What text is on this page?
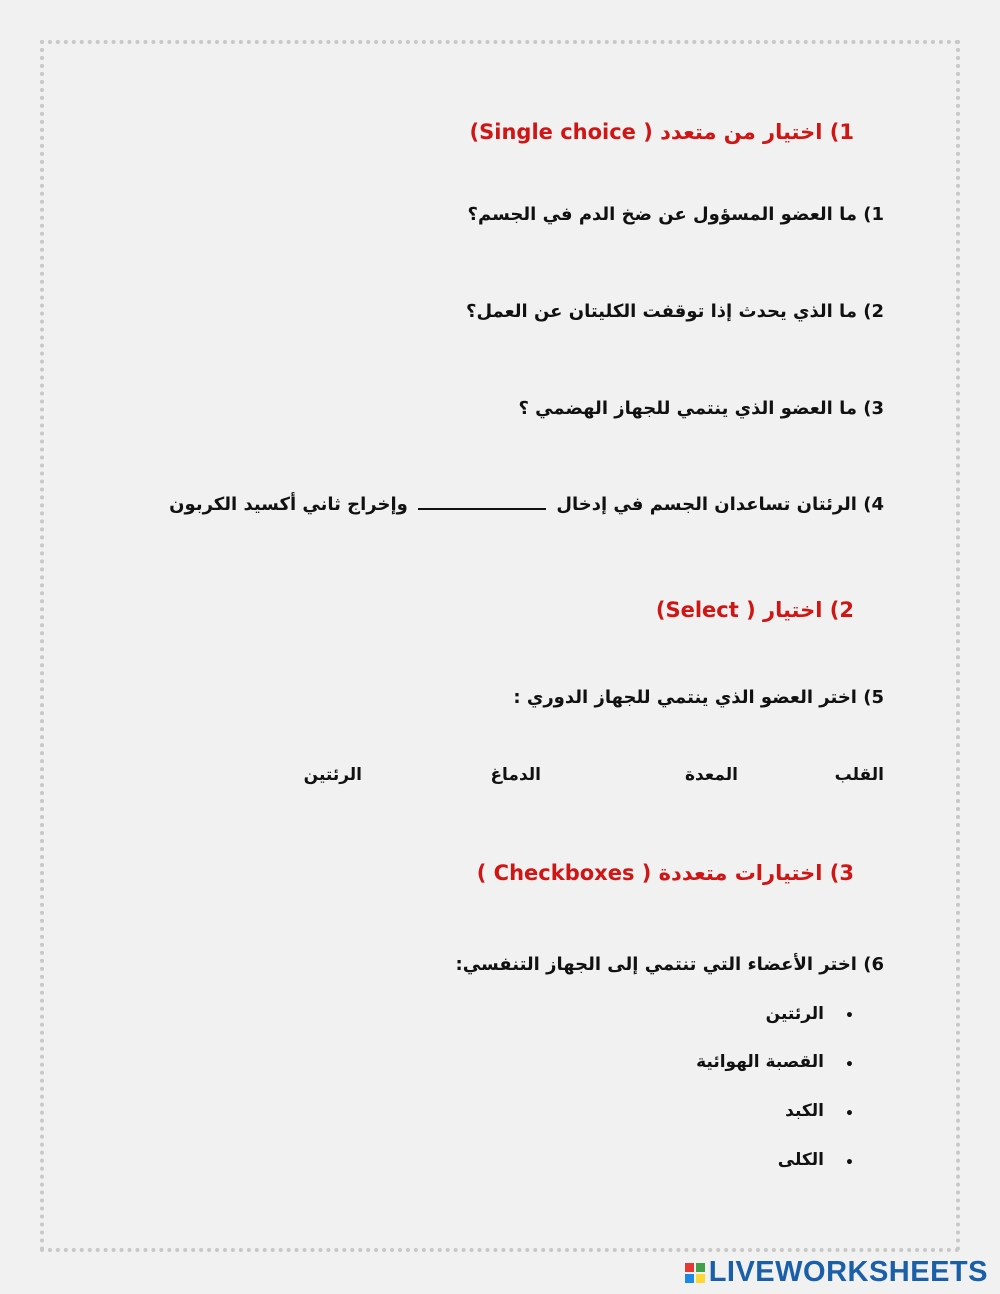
1) اختيار من متعدد ( Single choice)
1) ما العضو المسؤول عن ضخ الدم في الجسم؟
2) ما الذي يحدث إذا توقفت الكليتان عن العمل؟
3) ما العضو الذي ينتمي للجهاز الهضمي ؟
4) الرئتان تساعدان الجسم في إدخال  وإخراج ثاني أكسيد الكربون
2) اختيار ( Select)
5) اختر العضو الذي ينتمي للجهاز الدوري :
القلب
المعدة
الدماغ
الرئتين
3) اختيارات متعددة ( Checkboxes )
6) اختر الأعضاء التي تنتمي إلى الجهاز التنفسي:
•
الرئتين
•
القصبة الهوائية
•
الكبد
•
الكلى
LIVEWORKSHEETS
